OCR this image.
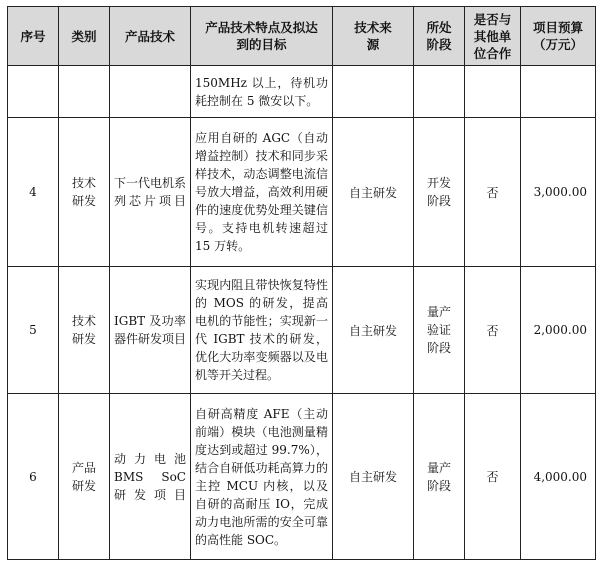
序号	类别	产品技术	产品技术特点及拟达到的目标	技术来源	所处阶段	是否与其他单位合作	项目预算（万元）
			150MHz 以上，待机功耗控制在 5 微安以下。				
4	技术研发	下一代电机系列芯片项目	应用自研的 AGC（自动增益控制）技术和同步采样技术，动态调整电流信号放大增益，高效利用硬件的速度优势处理关键信号。支持电机转速超过 15 万转。	自主研发	开发阶段	否	3,000.00
5	技术研发	IGBT 及功率器件研发项目	实现内阻且带快恢复特性的 MOS 的研发，提高电机的节能性；实现新一代 IGBT 技术的研发，优化大功率变频器以及电机等开关过程。	自主研发	量产验证阶段	否	2,000.00
6	产品研发	动力电池 BMS SoC 研发项目	自研高精度 AFE（主动前端）模块（电池测量精度达到或超过 99.7%），结合自研低功耗高算力的主控 MCU 内核，以及自研的高耐压 IO，完成动力电池所需的安全可靠的高性能 SOC。	自主研发	量产阶段	否	4,000.00
